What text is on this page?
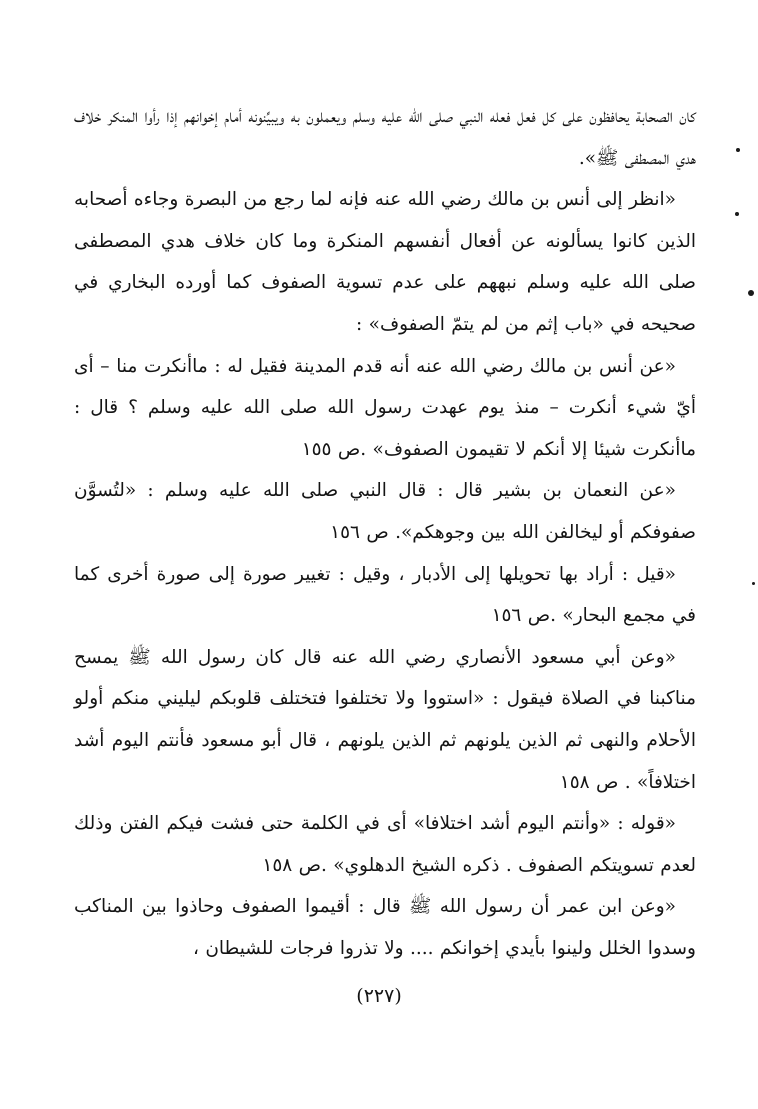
كان الصحابة يحافظون على كل فعل فعله النبي صلى الله عليه وسلم ويعملون به ويبيِّنونه أمام إخوانهم إذا رأوا المنكر خلاف هدي المصطفى ﷺ».

«انظر إلى أنس بن مالك رضي الله عنه فإنه لما رجع من البصرة وجاءه أصحابه الذين كانوا يسألونه عن أفعال أنفسهم المنكرة وما كان خلاف هدي المصطفى صلى الله عليه وسلم نبههم على عدم تسوية الصفوف كما أورده البخاري في صحيحه في «باب إثم من لم يتمّ الصفوف» :

«عن أنس بن مالك رضي الله عنه أنه قدم المدينة فقيل له : ماأنكرت منا – أى أيّ شيء أنكرت – منذ يوم عهدت رسول الله صلى الله عليه وسلم ؟ قال : ماأنكرت شيئا إلا أنكم لا تقيمون الصفوف» .ص ١٥٥

«عن النعمان بن بشير قال : قال النبي صلى الله عليه وسلم : «لتُسوَّن صفوفكم أو ليخالفن الله بين وجوهكم». ص ١٥٦

«قيل : أراد بها تحويلها إلى الأدبار ، وقيل : تغيير صورة إلى صورة أخرى كما في مجمع البحار» .ص ١٥٦

«وعن أبي مسعود الأنصاري رضي الله عنه قال كان رسول الله ﷺ يمسح مناكبنا في الصلاة فيقول : «استووا ولا تختلفوا فتختلف قلوبكم ليليني منكم أولو الأحلام والنهى ثم الذين يلونهم ثم الذين يلونهم ، قال أبو مسعود فأنتم اليوم أشد اختلافاً» . ص ١٥٨

«قوله : «وأنتم اليوم أشد اختلافا» أى في الكلمة حتى فشت فيكم الفتن وذلك لعدم تسويتكم الصفوف . ذكره الشيخ الدهلوي» .ص ١٥٨

«وعن ابن عمر أن رسول الله ﷺ قال : أقيموا الصفوف وحاذوا بين المناكب وسدوا الخلل ولينوا بأيدي إخوانكم .... ولا تذروا فرجات للشيطان ،

(٢٢٧)
